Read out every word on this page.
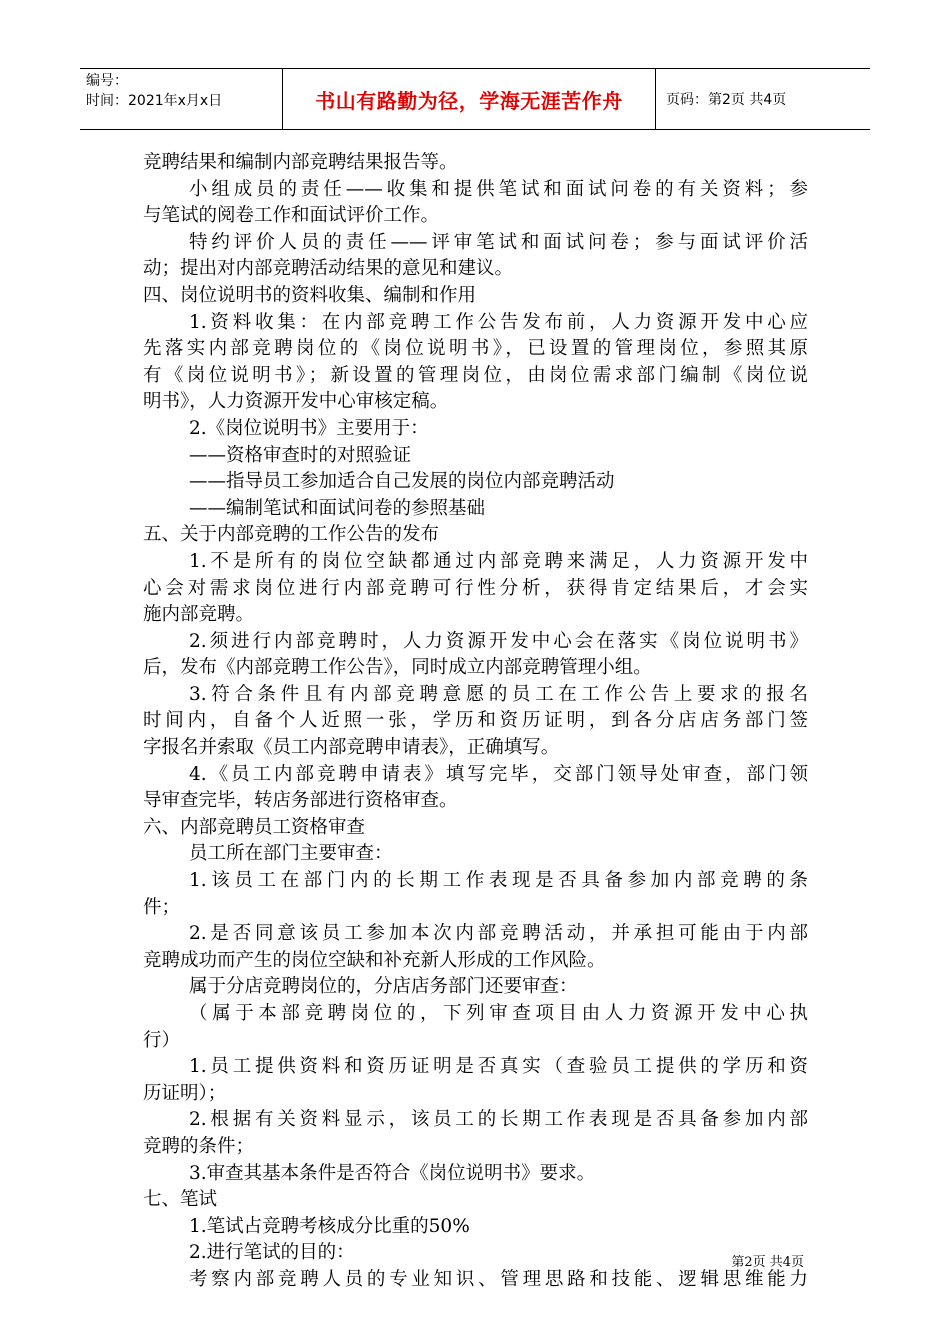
编号：
时间：2021年x月x日	书山有路勤为径，学海无涯苦作舟	页码：第2页 共4页
竞聘结果和编制内部竞聘结果报告等。
小组成员的责任——收集和提供笔试和面试问卷的有关资料；参
与笔试的阅卷工作和面试评价工作。
特约评价人员的责任——评审笔试和面试问卷；参与面试评价活
动；提出对内部竞聘活动结果的意见和建议。
四、岗位说明书的资料收集、编制和作用
1.资料收集：在内部竞聘工作公告发布前，人力资源开发中心应
先落实内部竞聘岗位的《岗位说明书》，已设置的管理岗位，参照其原
有《岗位说明书》；新设置的管理岗位，由岗位需求部门编制《岗位说
明书》，人力资源开发中心审核定稿。
2.《岗位说明书》主要用于：
——资格审查时的对照验证
——指导员工参加适合自己发展的岗位内部竞聘活动
——编制笔试和面试问卷的参照基础
五、关于内部竞聘的工作公告的发布
1.不是所有的岗位空缺都通过内部竞聘来满足，人力资源开发中
心会对需求岗位进行内部竞聘可行性分析，获得肯定结果后，才会实
施内部竞聘。
2.须进行内部竞聘时，人力资源开发中心会在落实《岗位说明书》
后，发布《内部竞聘工作公告》，同时成立内部竞聘管理小组。
3.符合条件且有内部竞聘意愿的员工在工作公告上要求的报名
时间内，自备个人近照一张，学历和资历证明，到各分店店务部门签
字报名并索取《员工内部竞聘申请表》，正确填写。
4.《员工内部竞聘申请表》填写完毕，交部门领导处审查，部门领
导审查完毕，转店务部进行资格审查。
六、内部竞聘员工资格审查
员工所在部门主要审查：
1.该员工在部门内的长期工作表现是否具备参加内部竞聘的条
件；
2.是否同意该员工参加本次内部竞聘活动，并承担可能由于内部
竞聘成功而产生的岗位空缺和补充新人形成的工作风险。
属于分店竞聘岗位的，分店店务部门还要审查：
（属于本部竞聘岗位的，下列审查项目由人力资源开发中心执
行）
1.员工提供资料和资历证明是否真实（查验员工提供的学历和资
历证明）；
2.根据有关资料显示，该员工的长期工作表现是否具备参加内部
竞聘的条件；
3.审查其基本条件是否符合《岗位说明书》要求。
七、笔试
1.笔试占竞聘考核成分比重的50%
2.进行笔试的目的：
考察内部竞聘人员的专业知识、管理思路和技能、逻辑思维能力
第2页 共4页
